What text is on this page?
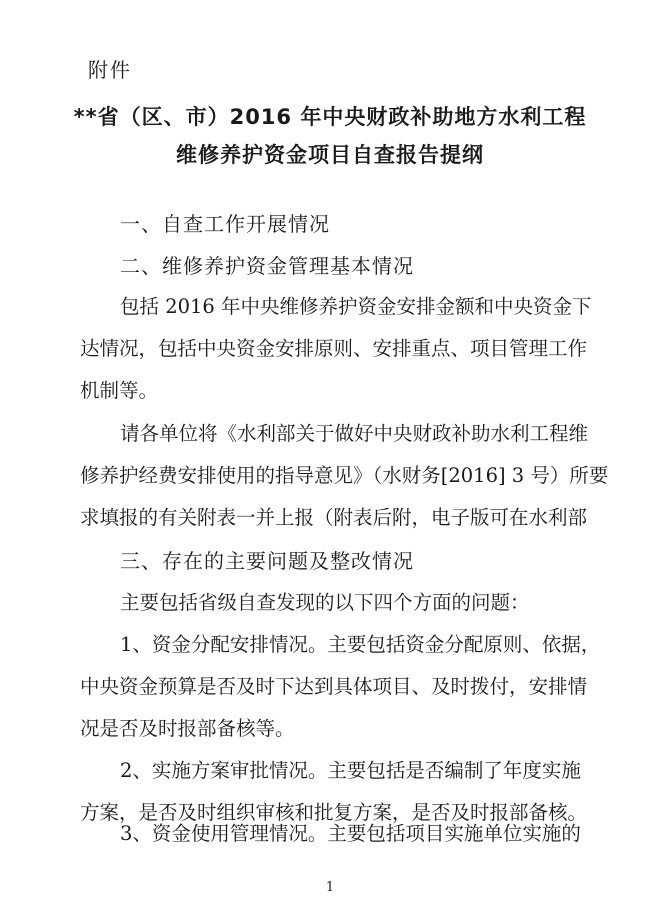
附件
**省（区、市）2016 年中央财政补助地方水利工程
维修养护资金项目自查报告提纲
一、自查工作开展情况
二、维修养护资金管理基本情况
包括 2016 年中央维修养护资金安排金额和中央资金下
达情况，包括中央资金安排原则、安排重点、项目管理工作
机制等。
请各单位将《水利部关于做好中央财政补助水利工程维
修养护经费安排使用的指导意见》（水财务[2016] 3 号）所要
求填报的有关附表一并上报（附表后附，电子版可在水利部
三、存在的主要问题及整改情况
主要包括省级自查发现的以下四个方面的问题：
1、资金分配安排情况。主要包括资金分配原则、依据，
中央资金预算是否及时下达到具体项目、及时拨付，安排情
况是否及时报部备核等。
2、实施方案审批情况。主要包括是否编制了年度实施
方案，是否及时组织审核和批复方案，是否及时报部备核。
3、资金使用管理情况。主要包括项目实施单位实施的
1
